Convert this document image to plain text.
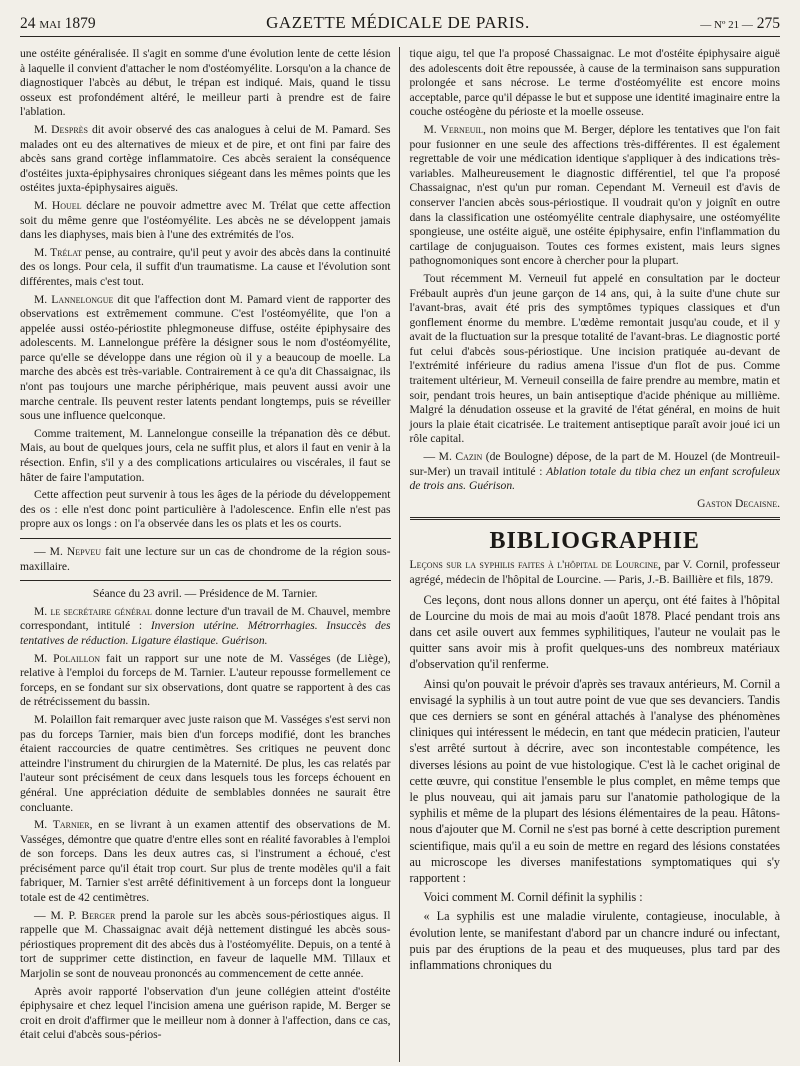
24 MAI 1879	GAZETTE MÉDICALE DE PARIS.	— Nº 21 — 275

une ostéite généralisée. Il s'agit en somme d'une évolution lente de cette lésion à laquelle il convient d'attacher le nom d'ostéomyélite. Lorsqu'on a la chance de diagnostiquer l'abcès au début, le trépan est indiqué. Mais, quand le tissu osseux est profondément altéré, le meilleur parti à prendre est de faire l'ablation.

M. Desprès dit avoir observé des cas analogues à celui de M. Pamard. Ses malades ont eu des alternatives de mieux et de pire, et ont fini par faire des abcès sans grand cortège inflammatoire. Ces abcès seraient la conséquence d'ostéites juxta-épiphysaires chroniques siégeant dans les mêmes points que les ostéites juxta-épiphysaires aiguës.

M. Houel déclare ne pouvoir admettre avec M. Trélat que cette affection soit du même genre que l'ostéomyélite. Les abcès ne se développent jamais dans les diaphyses, mais bien à l'une des extrémités de l'os.

M. Trélat pense, au contraire, qu'il peut y avoir des abcès dans la continuité des os longs. Pour cela, il suffit d'un traumatisme. La cause et l'évolution sont différentes, mais c'est tout.

M. Lannelongue dit que l'affection dont M. Pamard vient de rapporter des observations est extrêmement commune. C'est l'ostéomyélite, que l'on a appelée aussi ostéo-périostite phlegmoneuse diffuse, ostéite épiphysaire des adolescents. M. Lannelongue préfère la désigner sous le nom d'ostéomyélite, parce qu'elle se développe dans une région où il y a beaucoup de moelle. La marche des abcès est très-variable. Contrairement à ce qu'a dit Chassaignac, ils n'ont pas toujours une marche périphérique, mais peuvent aussi avoir une marche centrale. Ils peuvent rester latents pendant longtemps, puis se réveiller sous une influence quelconque.

Comme traitement, M. Lannelongue conseille la trépanation dès ce début. Mais, au bout de quelques jours, cela ne suffit plus, et alors il faut en venir à la résection. Enfin, s'il y a des complications articulaires ou viscérales, il faut se hâter de faire l'amputation.

Cette affection peut survenir à tous les âges de la période du développement des os : elle n'est donc point particulière à l'adolescence. Enfin elle n'est pas propre aux os longs : on l'a observée dans les os plats et les os courts.

— M. Nepveu fait une lecture sur un cas de chondrome de la région sous-maxillaire.

Séance du 23 avril. — Présidence de M. Tarnier.

M. le secrétaire général donne lecture d'un travail de M. Chauvel, membre correspondant, intitulé : Inversion utérine. Métrorrhagies. Insuccès des tentatives de réduction. Ligature élastique. Guérison.

M. Polaillon fait un rapport sur une note de M. Vasséges (de Liège), relative à l'emploi du forceps de M. Tarnier. L'auteur repousse formellement ce forceps, en se fondant sur six observations, dont quatre se rapportent à des cas de rétrécissement du bassin.

M. Polaillon fait remarquer avec juste raison que M. Vasséges s'est servi non pas du forceps Tarnier, mais bien d'un forceps modifié, dont les branches étaient raccourcies de quatre centimètres. Ses critiques ne peuvent donc atteindre l'instrument du chirurgien de la Maternité. De plus, les cas relatés par l'auteur sont précisément de ceux dans lesquels tous les forceps échouent en général. Une appréciation déduite de semblables données ne saurait être concluante.

M. Tarnier, en se livrant à un examen attentif des observations de M. Vasséges, démontre que quatre d'entre elles sont en réalité favorables à l'emploi de son forceps. Dans les deux autres cas, si l'instrument a échoué, c'est précisément parce qu'il était trop court. Sur plus de trente modèles qu'il a fait fabriquer, M. Tarnier s'est arrêté définitivement à un forceps dont la longueur totale est de 42 centimètres.

— M. P. Berger prend la parole sur les abcès sous-périostiques aigus. Il rappelle que M. Chassaignac avait déjà nettement distingué les abcès sous-périostiques proprement dit des abcès dus à l'ostéomyélite. Depuis, on a tenté à tort de supprimer cette distinction, en faveur de laquelle MM. Tillaux et Marjolin se sont de nouveau prononcés au commencement de cette année.

Après avoir rapporté l'observation d'un jeune collégien atteint d'ostéite épiphysaire et chez lequel l'incision amena une guérison rapide, M. Berger se croit en droit d'affirmer que le meilleur nom à donner à l'affection, dans ce cas, était celui d'abcès sous-périos-

tique aigu, tel que l'a proposé Chassaignac. Le mot d'ostéite épiphysaire aiguë des adolescents doit être repoussée, à cause de la terminaison sans suppuration prolongée et sans nécrose. Le terme d'ostéomyélite est encore moins acceptable, parce qu'il dépasse le but et suppose une identité imaginaire entre la couche ostéogène du périoste et la moelle osseuse.

M. Verneuil, non moins que M. Berger, déplore les tentatives que l'on fait pour fusionner en une seule des affections très-différentes. Il est également regrettable de voir une médication identique s'appliquer à des indications très-variables. Malheureusement le diagnostic différentiel, tel que l'a proposé Chassaignac, n'est qu'un pur roman. Cependant M. Verneuil est d'avis de conserver l'ancien abcès sous-périostique. Il voudrait qu'on y joignît en outre dans la classification une ostéomyélite centrale diaphysaire, une ostéomyélite spongieuse, une ostéite aiguë, une ostéite épiphysaire, enfin l'inflammation du cartilage de conjuguaison. Toutes ces formes existent, mais leurs signes pathognomoniques sont encore à chercher pour la plupart.

Tout récemment M. Verneuil fut appelé en consultation par le docteur Frébault auprès d'un jeune garçon de 14 ans, qui, à la suite d'une chute sur l'avant-bras, avait été pris des symptômes typiques classiques et d'un gonflement énorme du membre. L'œdème remontait jusqu'au coude, et il y avait de la fluctuation sur la presque totalité de l'avant-bras. Le diagnostic porté fut celui d'abcès sous-périostique. Une incision pratiquée au-devant de l'extrémité inférieure du radius amena l'issue d'un flot de pus. Comme traitement ultérieur, M. Verneuil conseilla de faire prendre au membre, matin et soir, pendant trois heures, un bain antiseptique d'acide phénique au millième. Malgré la dénudation osseuse et la gravité de l'état général, en moins de huit jours la plaie était cicatrisée. Le traitement antiseptique paraît avoir joué ici un rôle capital.

— M. Cazin (de Boulogne) dépose, de la part de M. Houzel (de Montreuil-sur-Mer) un travail intitulé : Ablation totale du tibia chez un enfant scrofuleux de trois ans. Guérison.

Gaston Decaisne.

BIBLIOGRAPHIE

Leçons sur la syphilis faites à l'hôpital de Lourcine, par V. Cornil, professeur agrégé, médecin de l'hôpital de Lourcine. — Paris, J.-B. Baillière et fils, 1879.

Ces leçons, dont nous allons donner un aperçu, ont été faites à l'hôpital de Lourcine du mois de mai au mois d'août 1878. Placé pendant trois ans dans cet asile ouvert aux femmes syphilitiques, l'auteur ne voulait pas le quitter sans avoir mis à profit quelques-uns des nombreux matériaux d'observation qu'il renferme.

Ainsi qu'on pouvait le prévoir d'après ses travaux antérieurs, M. Cornil a envisagé la syphilis à un tout autre point de vue que ses devanciers. Tandis que ces derniers se sont en général attachés à l'analyse des phénomènes cliniques qui intéressent le médecin, en tant que médecin praticien, l'auteur s'est arrêté surtout à décrire, avec son incontestable compétence, les diverses lésions au point de vue histologique. C'est là le cachet original de cette œuvre, qui constitue l'ensemble le plus complet, en même temps que le plus nouveau, qui ait jamais paru sur l'anatomie pathologique de la syphilis et même de la plupart des lésions élémentaires de la peau. Hâtons-nous d'ajouter que M. Cornil ne s'est pas borné à cette description purement scientifique, mais qu'il a eu soin de mettre en regard des lésions constatées au microscope les diverses manifestations symptomatiques qui s'y rapportent :

Voici comment M. Cornil définit la syphilis :

« La syphilis est une maladie virulente, contagieuse, inoculable, à évolution lente, se manifestant d'abord par un chancre induré ou infectant, puis par des éruptions de la peau et des muqueuses, plus tard par des inflammations chroniques du
